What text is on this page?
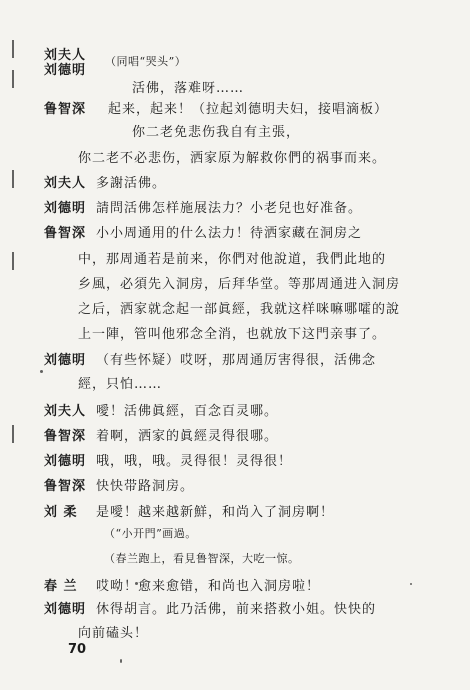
刘夫人
刘德明
（同唱“哭头”）
活佛，落难呀……
鲁智深 起来，起来！（拉起刘德明夫妇，接唱滴板）
你二老免悲伤我自有主張，
你二老不必悲伤，洒家原为解救你們的祸事而来。
刘夫人 多謝活佛。
刘德明 請問活佛怎样施展法力？小老兒也好准备。
鲁智深 小小周通用的什么法力！待洒家藏在洞房之
中，那周通若是前来，你們对他說道，我們此地的
乡風，必須先入洞房，后拜华堂。等那周通进入洞房
之后，洒家就念起一部眞經，我就这样咪嘛哪嚯的說
上一陣，管叫他邪念全消，也就放下这門亲事了。
刘德明 （有些怀疑）哎呀，那周通厉害得很，活佛念
經，只怕……
刘夫人 噯！活佛眞經，百念百灵哪。
鲁智深 着啊，洒家的眞經灵得很哪。
刘德明 哦，哦，哦。灵得很！灵得很！
鲁智深 快快带路洞房。
刘 柔 是噯！越来越新鮮，和尚入了洞房啊！
（“小开門”画過。
（春兰跑上，看見鲁智深，大吃一惊。
春 兰 哎呦！愈来愈错，和尚也入洞房啦！
刘德明 休得胡言。此乃活佛，前来搭救小姐。快快的
向前磕头！
70
